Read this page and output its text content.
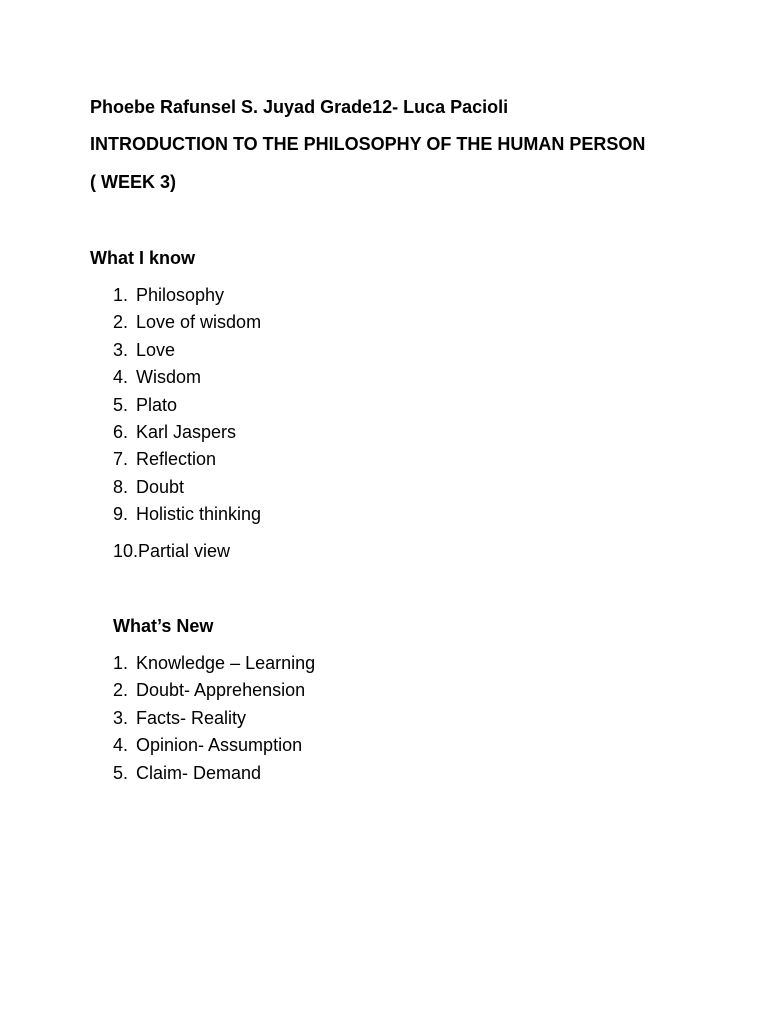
Phoebe Rafunsel S. Juyad Grade12- Luca Pacioli
INTRODUCTION TO THE PHILOSOPHY OF THE HUMAN PERSON
( WEEK 3)
What I know
1. Philosophy
2. Love of wisdom
3. Love
4. Wisdom
5. Plato
6. Karl Jaspers
7. Reflection
8. Doubt
9. Holistic thinking
10.Partial view
What’s New
1. Knowledge – Learning
2. Doubt- Apprehension
3. Facts- Reality
4. Opinion- Assumption
5. Claim- Demand
